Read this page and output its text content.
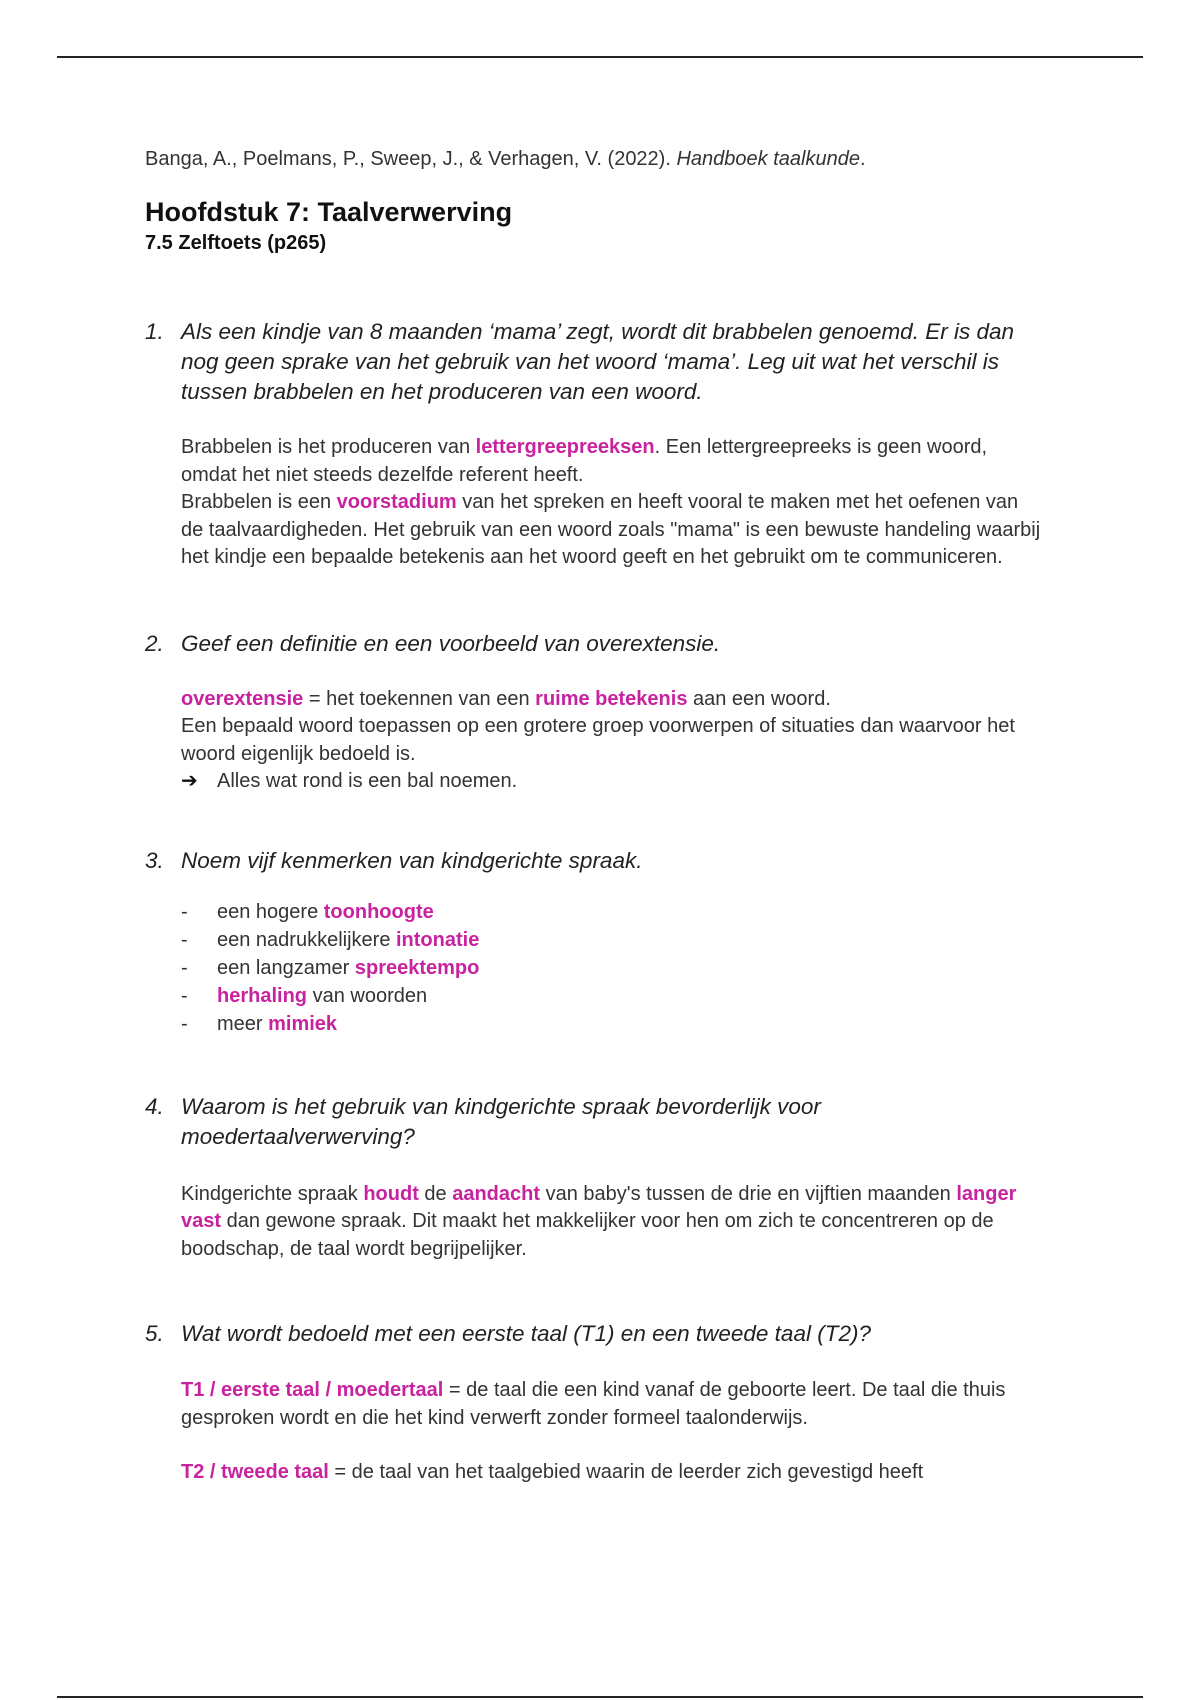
Banga, A., Poelmans, P., Sweep, J., & Verhagen, V. (2022). Handboek taalkunde.

Hoofdstuk 7: Taalverwerving
7.5 Zelftoets (p265)
1. Als een kindje van 8 maanden ‘mama’ zegt, wordt dit brabbelen genoemd. Er is dan nog geen sprake van het gebruik van het woord ‘mama’. Leg uit wat het verschil is tussen brabbelen en het produceren van een woord.

Brabbelen is het produceren van lettergreepreeksen. Een lettergreepreeks is geen woord, omdat het niet steeds dezelfde referent heeft.

Brabbelen is een voorstadium van het spreken en heeft vooral te maken met het oefenen van de taalvaardigheden. Het gebruik van een woord zoals "mama" is een bewuste handeling waarbij het kindje een bepaalde betekenis aan het woord geeft en het gebruikt om te communiceren.

2. Geef een definitie en een voorbeeld van overextensie.

overextensie = het toekennen van een ruime betekenis aan een woord.

Een bepaald woord toepassen op een grotere groep voorwerpen of situaties dan waarvoor het woord eigenlijk bedoeld is.

➔ Alles wat rond is een bal noemen.

3. Noem vijf kenmerken van kindgerichte spraak.
-	een hogere toonhoogte
-	een nadrukkelijkere intonatie
-	een langzamer spreektempo
-	herhaling van woorden
-	meer mimiek
4. Waarom is het gebruik van kindgerichte spraak bevorderlijk voor moedertaalverwerving?

Kindgerichte spraak houdt de aandacht van baby's tussen de drie en vijftien maanden langer vast dan gewone spraak. Dit maakt het makkelijker voor hen om zich te concentreren op de boodschap, de taal wordt begrijpelijker.

5. Wat wordt bedoeld met een eerste taal (T1) en een tweede taal (T2)?

T1 / eerste taal / moedertaal = de taal die een kind vanaf de geboorte leert. De taal die thuis gesproken wordt en die het kind verwerft zonder formeel taalonderwijs.

T2 / tweede taal = de taal van het taalgebied waarin de leerder zich gevestigd heeft
